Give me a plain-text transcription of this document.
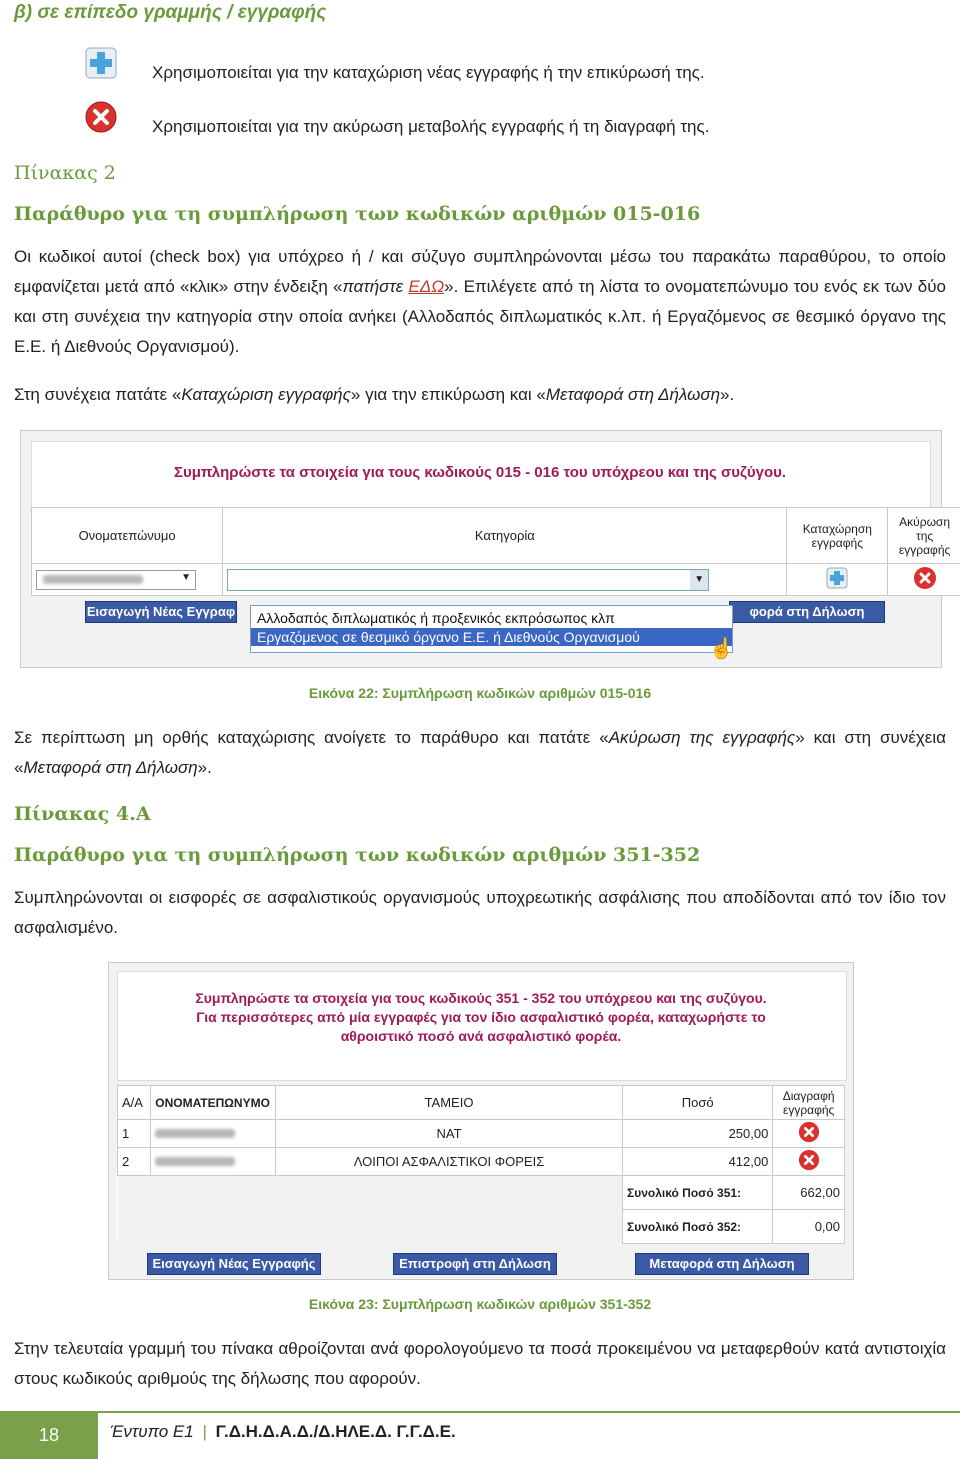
β) σε επίπεδο γραμμής / εγγραφής
Χρησιμοποιείται για την καταχώριση νέας εγγραφής ή την επικύρωσή της.
Χρησιμοποιείται για την ακύρωση μεταβολής εγγραφής ή τη διαγραφή της.
Πίνακας 2
Παράθυρο για τη συμπλήρωση των κωδικών αριθμών 015-016
Οι κωδικοί αυτοί (check box) για υπόχρεο ή / και σύζυγο συμπληρώνονται μέσω του παρακάτω παραθύρου, το οποίο εμφανίζεται μετά από «κλικ» στην ένδειξη «πατήστε ΕΔΩ». Επιλέγετε από τη λίστα το ονοματεπώνυμο του ενός εκ των δύο και στη συνέχεια την κατηγορία στην οποία ανήκει (Αλλοδαπός διπλωματικός κ.λπ. ή Εργαζόμενος σε θεσμικό όργανο της Ε.Ε. ή Διεθνούς Οργανισμού).
Στη συνέχεια πατάτε «Καταχώριση εγγραφής» για την επικύρωση και «Μεταφορά στη Δήλωση».
Συμπληρώστε τα στοιχεία για τους κωδικούς 015 - 016 του υπόχρεου και της συζύγου.
Ονοματεπώνυμο	Κατηγορία	Καταχώρηση εγγραφής	Ακύρωση της εγγραφής

▼	▼

Εισαγωγή Νέας Εγγραφ	φορά στη Δήλωση
Αλλοδαπός διπλωματικός ή προξενικός εκπρόσωπος κλπ
Εργαζόμενος σε θεσμικό όργανο Ε.Ε. ή Διεθνούς Οργανισμού
☝
Εικόνα 22: Συμπλήρωση κωδικών αριθμών 015-016
Σε περίπτωση μη ορθής καταχώρισης ανοίγετε το παράθυρο και πατάτε «Ακύρωση της εγγραφής» και στη συνέχεια «Μεταφορά στη Δήλωση».
Πίνακας 4.Α
Παράθυρο για τη συμπλήρωση των κωδικών αριθμών 351-352
Συμπληρώνονται οι εισφορές σε ασφαλιστικούς οργανισμούς υποχρεωτικής ασφάλισης που αποδίδονται από τον ίδιο τον ασφαλισμένο.
Συμπληρώστε τα στοιχεία για τους κωδικούς 351 - 352 του υπόχρεου και της συζύγου.
Για περισσότερες από μία εγγραφές για τον ίδιο ασφαλιστικό φορέα, καταχωρήστε το
αθροιστικό ποσό ανά ασφαλιστικό φορέα.
Α/Α	ΟΝΟΜΑΤΕΠΩΝΥΜΟ	ΤΑΜΕΙΟ	Ποσό	Διαγραφή εγγραφής
1		ΝΑΤ	250,00	
2		ΛΟΙΠΟΙ ΑΣΦΑΛΙΣΤΙΚΟΙ ΦΟΡΕΙΣ	412,00	
			Συνολικό Ποσό 351:	662,00
			Συνολικό Ποσό 352:	0,00
Εισαγωγή Νέας Εγγραφής	Επιστροφή στη Δήλωση	Μεταφορά στη Δήλωση
Εικόνα 23: Συμπλήρωση κωδικών αριθμών 351-352
Στην τελευταία γραμμή του πίνακα αθροίζονται ανά φορολογούμενο τα ποσά προκειμένου να μεταφερθούν κατά αντιστοιχία στους κωδικούς αριθμούς της δήλωσης που αφορούν.
18	Έντυπο Ε1 | Γ.Δ.Η.Δ.Α.Δ./Δ.ΗΛΕ.Δ. Γ.Γ.Δ.Ε.
